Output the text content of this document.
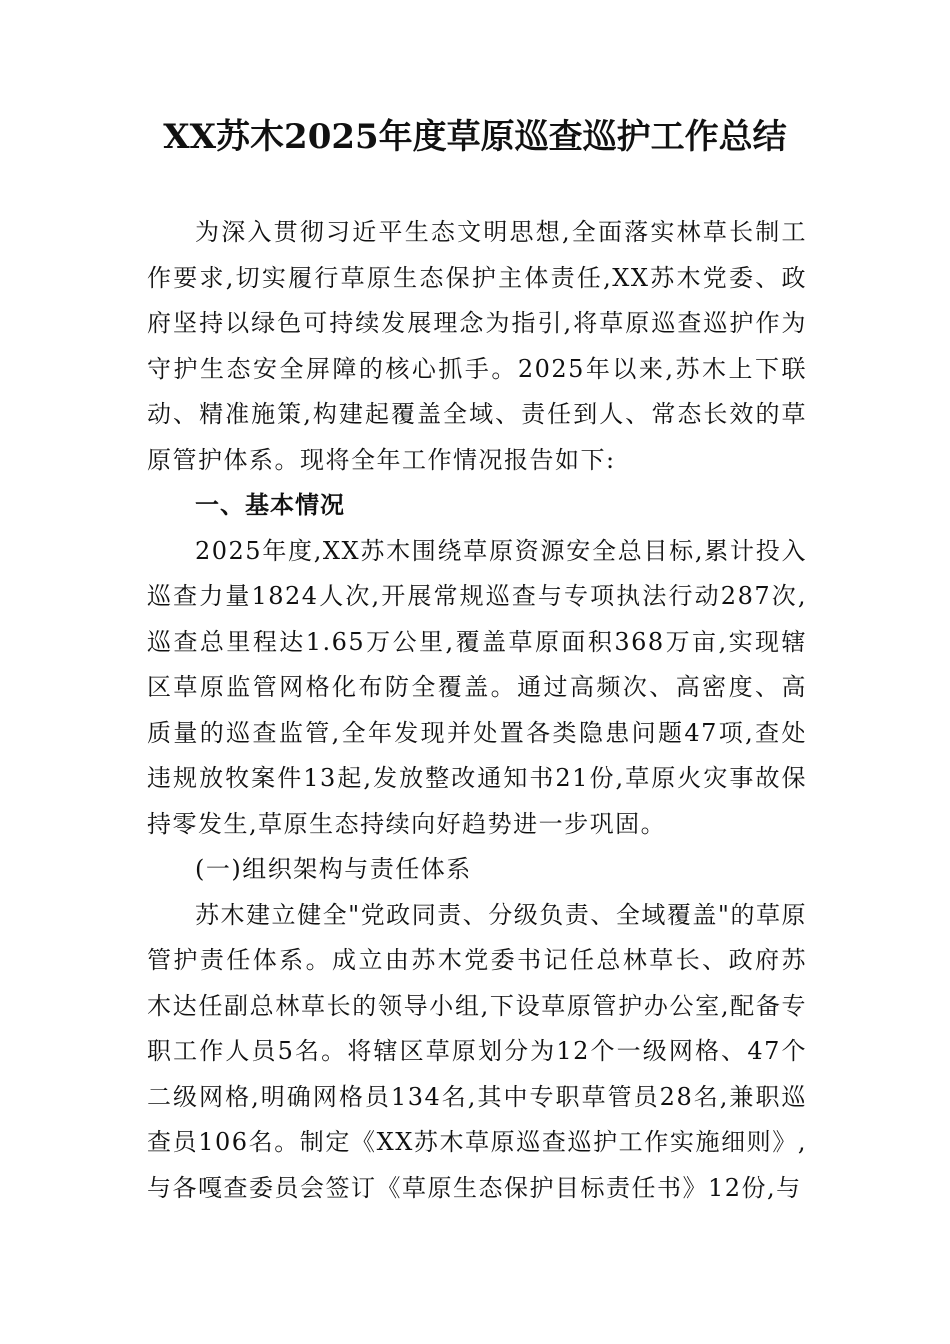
XX苏木2025年度草原巡查巡护工作总结

为深入贯彻习近平生态文明思想,全面落实林草长制工作要求,切实履行草原生态保护主体责任,XX苏木党委、政府坚持以绿色可持续发展理念为指引,将草原巡查巡护作为守护生态安全屏障的核心抓手。2025年以来,苏木上下联动、精准施策,构建起覆盖全域、责任到人、常态长效的草原管护体系。现将全年工作情况报告如下:

一、基本情况

2025年度,XX苏木围绕草原资源安全总目标,累计投入巡查力量1824人次,开展常规巡查与专项执法行动287次,巡查总里程达1.65万公里,覆盖草原面积368万亩,实现辖区草原监管网格化布防全覆盖。通过高频次、高密度、高质量的巡查监管,全年发现并处置各类隐患问题47项,查处违规放牧案件13起,发放整改通知书21份,草原火灾事故保持零发生,草原生态持续向好趋势进一步巩固。

(一)组织架构与责任体系

苏木建立健全"党政同责、分级负责、全域覆盖"的草原管护责任体系。成立由苏木党委书记任总林草长、政府苏木达任副总林草长的领导小组,下设草原管护办公室,配备专职工作人员5名。将辖区草原划分为12个一级网格、47个二级网格,明确网格员134名,其中专职草管员28名,兼职巡查员106名。制定《XX苏木草原巡查巡护工作实施细则》,与各嘎查委员会签订《草原生态保护目标责任书》12份,与
